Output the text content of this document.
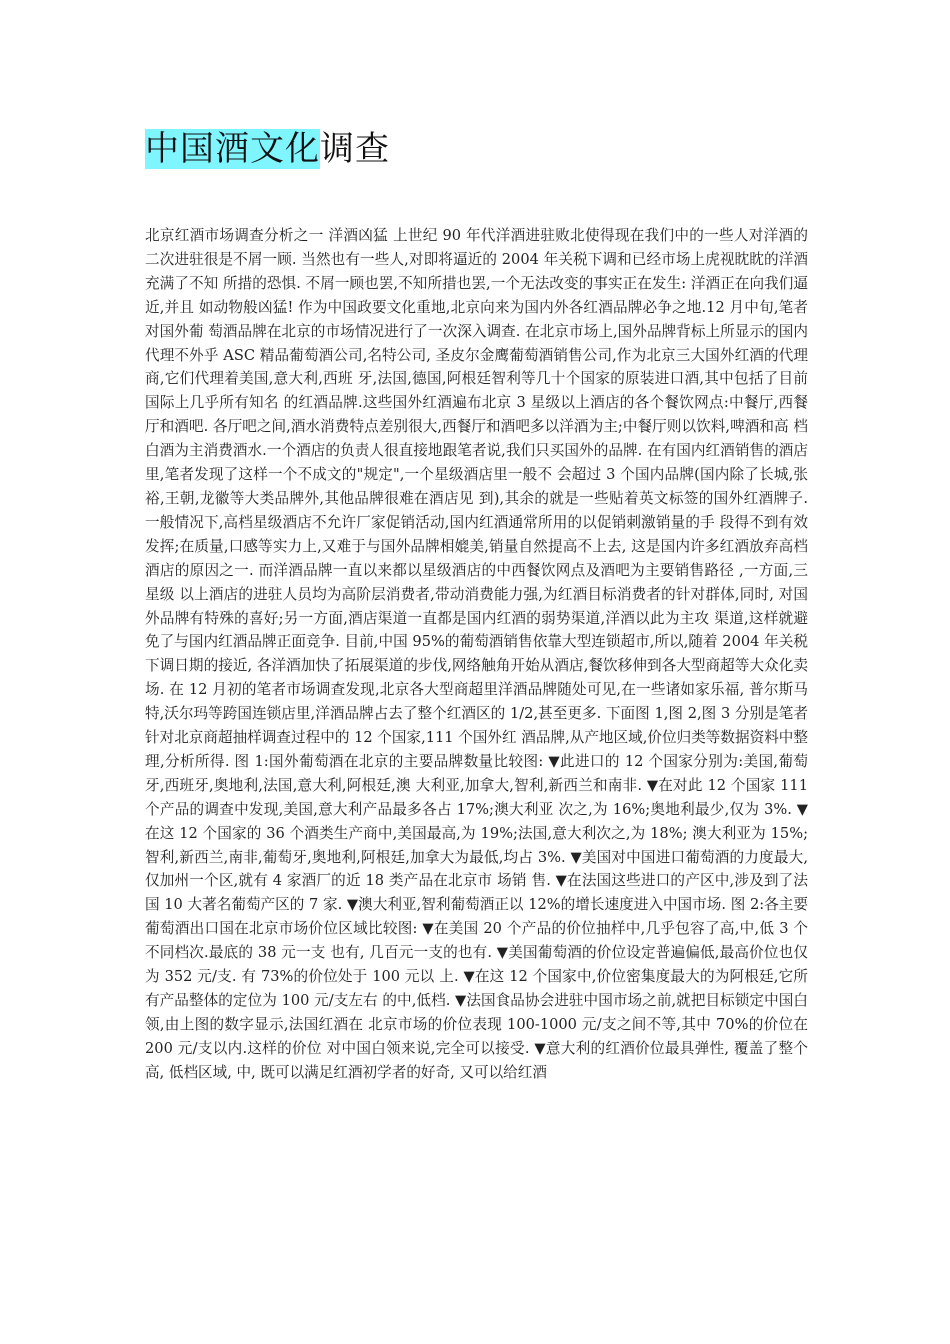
中国酒文化调查

北京红酒市场调查分析之一 洋酒凶猛 上世纪 90 年代洋酒进驻败北使得现在我们中的一些人对洋酒的二次进驻很是不屑一顾. 当然也有一些人,对即将逼近的 2004 年关税下调和已经市场上虎视眈眈的洋酒充满了不知 所措的恐惧. 不屑一顾也罢,不知所措也罢,一个无法改变的事实正在发生: 洋酒正在向我们逼近,并且 如动物般凶猛! 作为中国政要文化重地,北京向来为国内外各红酒品牌必争之地.12 月中旬,笔者对国外葡 萄酒品牌在北京的市场情况进行了一次深入调查. 在北京市场上,国外品牌背标上所显示的国内代理不外乎 ASC 精品葡萄酒公司,名特公司, 圣皮尔金鹰葡萄酒销售公司,作为北京三大国外红酒的代理商,它们代理着美国,意大利,西班 牙,法国,德国,阿根廷智利等几十个国家的原装进口酒,其中包括了目前国际上几乎所有知名 的红酒品牌.这些国外红酒遍布北京 3 星级以上酒店的各个餐饮网点:中餐厅,西餐厅和酒吧. 各厅吧之间,酒水消费特点差别很大,西餐厅和酒吧多以洋酒为主;中餐厅则以饮料,啤酒和高 档白酒为主消费酒水.一个酒店的负责人很直接地跟笔者说,我们只买国外的品牌. 在有国内红酒销售的酒店里,笔者发现了这样一个不成文的"规定",一个星级酒店里一般不 会超过 3 个国内品牌(国内除了长城,张裕,王朝,龙徽等大类品牌外,其他品牌很难在酒店见 到),其余的就是一些贴着英文标签的国外红酒牌子. 一般情况下,高档星级酒店不允许厂家促销活动,国内红酒通常所用的以促销刺激销量的手 段得不到有效发挥;在质量,口感等实力上,又难于与国外品牌相媲美,销量自然提高不上去, 这是国内许多红酒放弃高档酒店的原因之一. 而洋酒品牌一直以来都以星级酒店的中西餐饮网点及酒吧为主要销售路径 ,一方面,三星级 以上酒店的进驻人员均为高阶层消费者,带动消费能力强,为红酒目标消费者的针对群体,同时, 对国外品牌有特殊的喜好;另一方面,酒店渠道一直都是国内红酒的弱势渠道,洋酒以此为主攻 渠道,这样就避免了与国内红酒品牌正面竞争. 目前,中国 95%的葡萄酒销售依靠大型连锁超市,所以,随着 2004 年关税下调日期的接近, 各洋酒加快了拓展渠道的步伐,网络触角开始从酒店,餐饮移伸到各大型商超等大众化卖场. 在 12 月初的笔者市场调查发现,北京各大型商超里洋酒品牌随处可见,在一些诸如家乐福, 普尔斯马特,沃尔玛等跨国连锁店里,洋酒品牌占去了整个红酒区的 1/2,甚至更多. 下面图 1,图 2,图 3 分别是笔者针对北京商超抽样调查过程中的 12 个国家,111 个国外红 酒品牌,从产地区域,价位归类等数据资料中整理,分析所得. 图 1:国外葡萄酒在北京的主要品牌数量比较图: ▼此进口的 12 个国家分别为:美国,葡萄牙,西班牙,奥地利,法国,意大利,阿根廷,澳 大利亚,加拿大,智利,新西兰和南非. ▼在对此 12 个国家 111 个产品的调查中发现,美国,意大利产品最多各占 17%;澳大利亚 次之,为 16%;奥地利最少,仅为 3%. ▼在这 12 个国家的 36 个酒类生产商中,美国最高,为 19%;法国,意大利次之,为 18%; 澳大利亚为 15%;智利,新西兰,南非,葡萄牙,奥地利,阿根廷,加拿大为最低,均占 3%. ▼美国对中国进口葡萄酒的力度最大,仅加州一个区,就有 4 家酒厂的近 18 类产品在北京市 场销 售. ▼在法国这些进口的产区中,涉及到了法国 10 大著名葡萄产区的 7 家. ▼澳大利亚,智利葡萄酒正以 12%的增长速度进入中国市场. 图 2:各主要葡萄酒出口国在北京市场价位区域比较图: ▼在美国 20 个产品的价位抽样中,几乎包容了高,中,低 3 个不同档次.最底的 38 元一支 也有, 几百元一支的也有. ▼美国葡萄酒的价位设定普遍偏低,最高价位也仅为 352 元/支. 有 73%的价位处于 100 元以 上. ▼在这 12 个国家中,价位密集度最大的为阿根廷,它所有产品整体的定位为 100 元/支左右 的中,低档. ▼法国食品协会进驻中国市场之前,就把目标锁定中国白领,由上图的数字显示,法国红酒在 北京市场的价位表现 100-1000 元/支之间不等,其中 70%的价位在 200 元/支以内.这样的价位 对中国白领来说,完全可以接受. ▼意大利的红酒价位最具弹性, 覆盖了整个高, 低档区域, 中, 既可以满足红酒初学者的好奇, 又可以给红酒
